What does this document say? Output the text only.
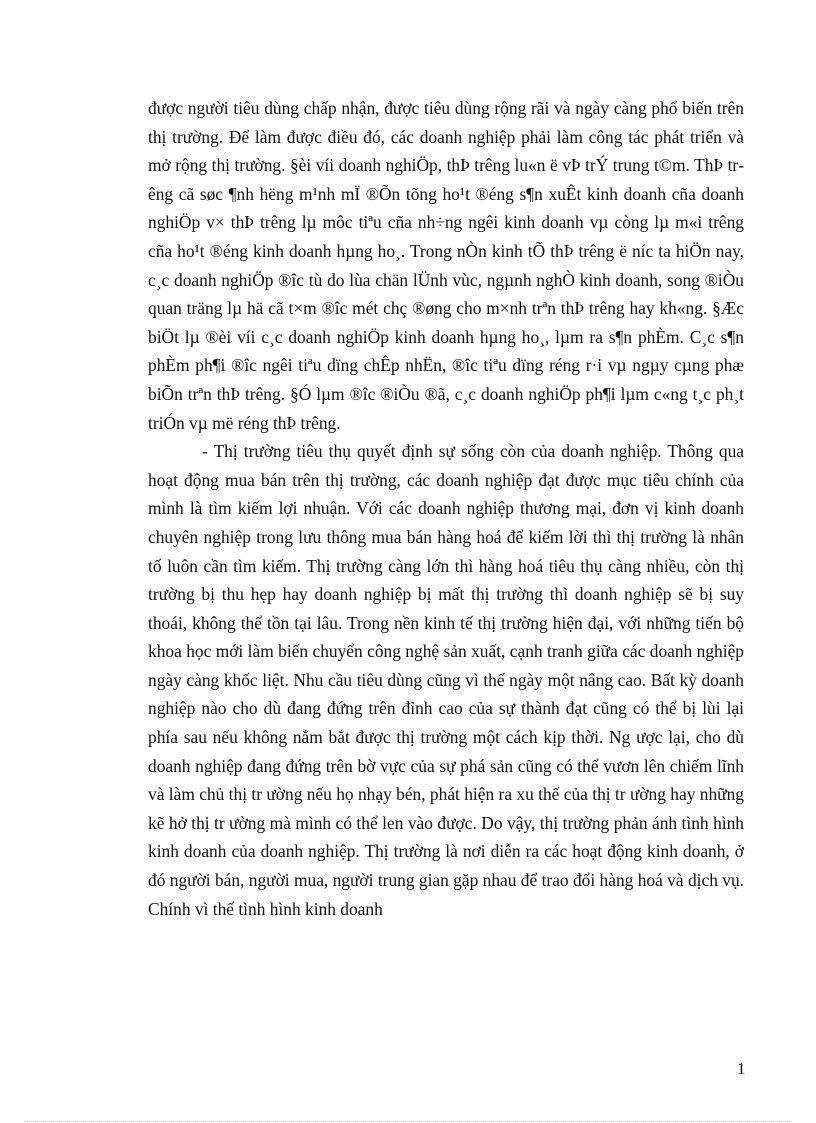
được người tiêu dùng chấp nhận, được tiêu dùng rộng rãi và ngày càng phổ biến trên thị trường. Để làm được điều đó, các doanh nghiệp phải làm công tác phát triển và mở rộng thị trường. §èi víi doanh nghiÖp, thÞ trêng lu«n ë vÞ trÝ trung t©m. ThÞ trêng cã søc ¶nh hëng m¹nh mÏ ®Õn tõng ho¹t ®éng s¶n xuÊt kinh doanh cña doanh nghiÖp v× thÞ trêng lµ môc tiªu cña nh÷ng ngêi kinh doanh vµ còng lµ m«i trêng cña ho¹t ®éng kinh doanh hµng ho¸. Trong nÒn kinh tÕ thÞ trêng ë níc ta hiÖn nay, c¸c doanh nghiÖp ®îc tù do lùa chän lÜnh vùc, ngµnh nghÒ kinh doanh, song ®iÒu quan träng lµ hä cã t×m ®îc mét chç ®øng cho m×nh trªn thÞ trêng hay kh«ng. §Æc biÖt lµ ®èi víi c¸c doanh nghiÖp kinh doanh hµng ho¸, lµm ra s¶n phÈm. C¸c s¶n phÈm ph¶i ®îc ngêi tiªu dïng chÊp nhËn, ®îc tiªu dïng réng r·i vµ ngµy cµng phæ biÕn trªn thÞ trêng. §Ó lµm ®îc ®iÒu ®ã, c¸c doanh nghiÖp ph¶i lµm c«ng t¸c ph¸t triÓn vµ më réng thÞ trêng.

- Thị trường tiêu thụ quyết định sự sống còn của doanh nghiệp. Thông qua hoạt động mua bán trên thị trường, các doanh nghiệp đạt được mục tiêu chính của mình là tìm kiếm lợi nhuận. Với các doanh nghiệp thương mại, đơn vị kinh doanh chuyên nghiệp trong lưu thông mua bán hàng hoá để kiếm lời thì thị trường là nhân tố luôn cần tìm kiếm. Thị trường càng lớn thì hàng hoá tiêu thụ càng nhiều, còn thị trường bị thu hẹp hay doanh nghiệp bị mất thị trường thì doanh nghiệp sẽ bị suy thoái, không thể tồn tại lâu. Trong nền kinh tế thị trường hiện đại, với những tiến bộ khoa học mới làm biến chuyển công nghệ sản xuất, cạnh tranh giữa các doanh nghiệp ngày càng khốc liệt. Nhu cầu tiêu dùng cũng vì thế ngày một nâng cao. Bất kỳ doanh nghiệp nào cho dù đang đứng trên đỉnh cao của sự thành đạt cũng có thể bị lùi lại phía sau nếu không nắm bắt được thị trường một cách kịp thời. Ng ược lại, cho dù doanh nghiệp đang đứng trên bờ vực của sự phá sản cũng có thể vươn lên chiếm lĩnh và làm chủ thị tr ường nếu họ nhạy bén, phát hiện ra xu thế của thị tr ường hay những kẽ hở thị tr ường mà mình có thể len vào được. Do vậy, thị trường phản ánh tình hình kinh doanh của doanh nghiệp. Thị trường là nơi diễn ra các hoạt động kinh doanh, ở đó người bán, người mua, người trung gian gặp nhau để trao đổi hàng hoá và dịch vụ. Chính vì thế tình hình kinh doanh

1
